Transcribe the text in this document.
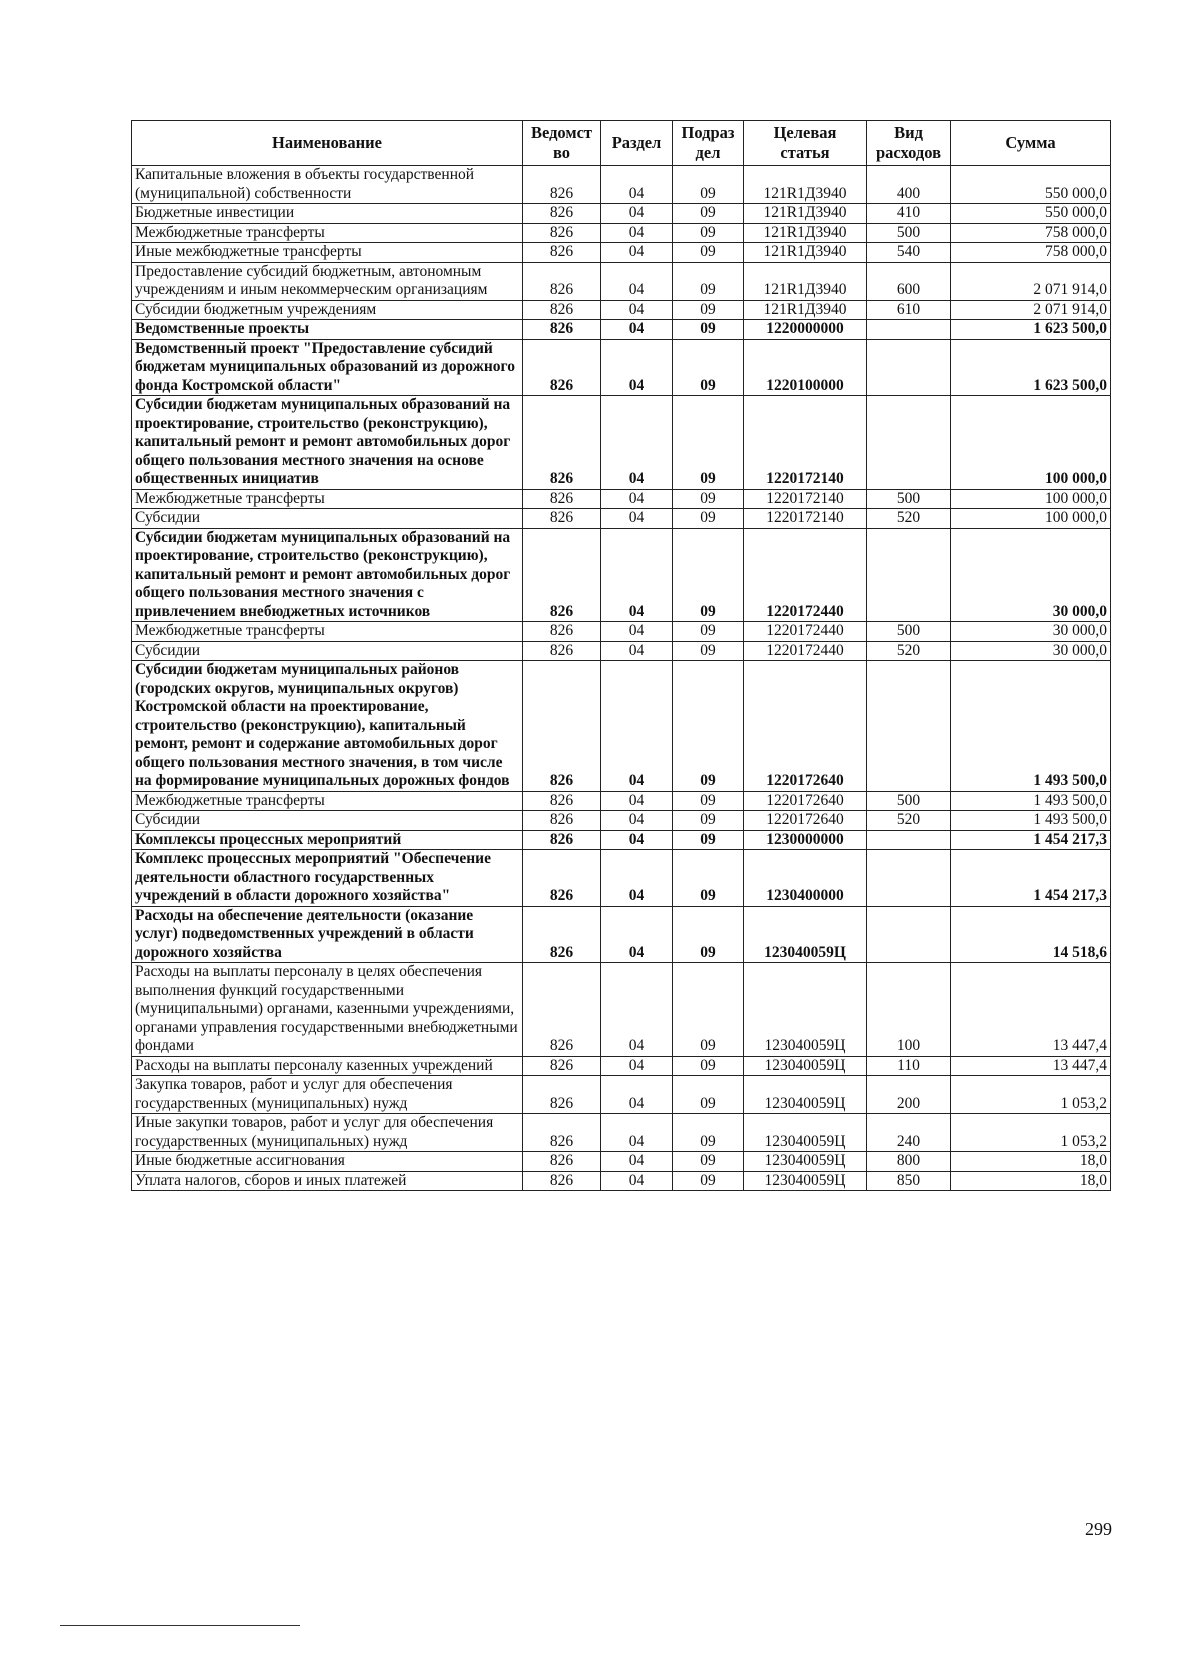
Наименование	Ведомст во	Раздел	Подраз дел	Целевая статья	Вид расходов	Сумма
Капитальные вложения в объекты государственной (муниципальной) собственности	826	04	09	121R1Д3940	400	550 000,0
Бюджетные инвестиции	826	04	09	121R1Д3940	410	550 000,0
Межбюджетные трансферты	826	04	09	121R1Д3940	500	758 000,0
Иные межбюджетные трансферты	826	04	09	121R1Д3940	540	758 000,0
Предоставление субсидий бюджетным, автономным учреждениям и иным некоммерческим организациям	826	04	09	121R1Д3940	600	2 071 914,0
Субсидии бюджетным учреждениям	826	04	09	121R1Д3940	610	2 071 914,0
Ведомственные проекты	826	04	09	1220000000		1 623 500,0
Ведомственный проект "Предоставление субсидий бюджетам муниципальных образований из дорожного фонда Костромской области"	826	04	09	1220100000		1 623 500,0
Субсидии бюджетам муниципальных образований на проектирование, строительство (реконструкцию), капитальный ремонт и ремонт автомобильных дорог общего пользования местного значения на основе общественных инициатив	826	04	09	1220172140		100 000,0
Межбюджетные трансферты	826	04	09	1220172140	500	100 000,0
Субсидии	826	04	09	1220172140	520	100 000,0
Субсидии бюджетам муниципальных образований на проектирование, строительство (реконструкцию), капитальный ремонт и ремонт автомобильных дорог общего пользования местного значения с привлечением внебюджетных источников	826	04	09	1220172440		30 000,0
Межбюджетные трансферты	826	04	09	1220172440	500	30 000,0
Субсидии	826	04	09	1220172440	520	30 000,0
Субсидии бюджетам муниципальных районов (городских округов, муниципальных округов) Костромской области на проектирование, строительство (реконструкцию), капитальный ремонт, ремонт и содержание автомобильных дорог общего пользования местного значения, в том числе на формирование муниципальных дорожных фондов	826	04	09	1220172640		1 493 500,0
Межбюджетные трансферты	826	04	09	1220172640	500	1 493 500,0
Субсидии	826	04	09	1220172640	520	1 493 500,0
Комплексы процессных мероприятий	826	04	09	1230000000		1 454 217,3
Комплекс процессных мероприятий "Обеспечение деятельности областного государственных учреждений в области дорожного хозяйства"	826	04	09	1230400000		1 454 217,3
Расходы на обеспечение деятельности (оказание услуг) подведомственных учреждений в области дорожного хозяйства	826	04	09	123040059Ц		14 518,6
Расходы на выплаты персоналу в целях обеспечения выполнения функций государственными (муниципальными) органами, казенными учреждениями, органами управления государственными внебюджетными фондами	826	04	09	123040059Ц	100	13 447,4
Расходы на выплаты персоналу казенных учреждений	826	04	09	123040059Ц	110	13 447,4
Закупка товаров, работ и услуг для обеспечения государственных (муниципальных) нужд	826	04	09	123040059Ц	200	1 053,2
Иные закупки товаров, работ и услуг для обеспечения государственных (муниципальных) нужд	826	04	09	123040059Ц	240	1 053,2
Иные бюджетные ассигнования	826	04	09	123040059Ц	800	18,0
Уплата налогов, сборов и иных платежей	826	04	09	123040059Ц	850	18,0
299
